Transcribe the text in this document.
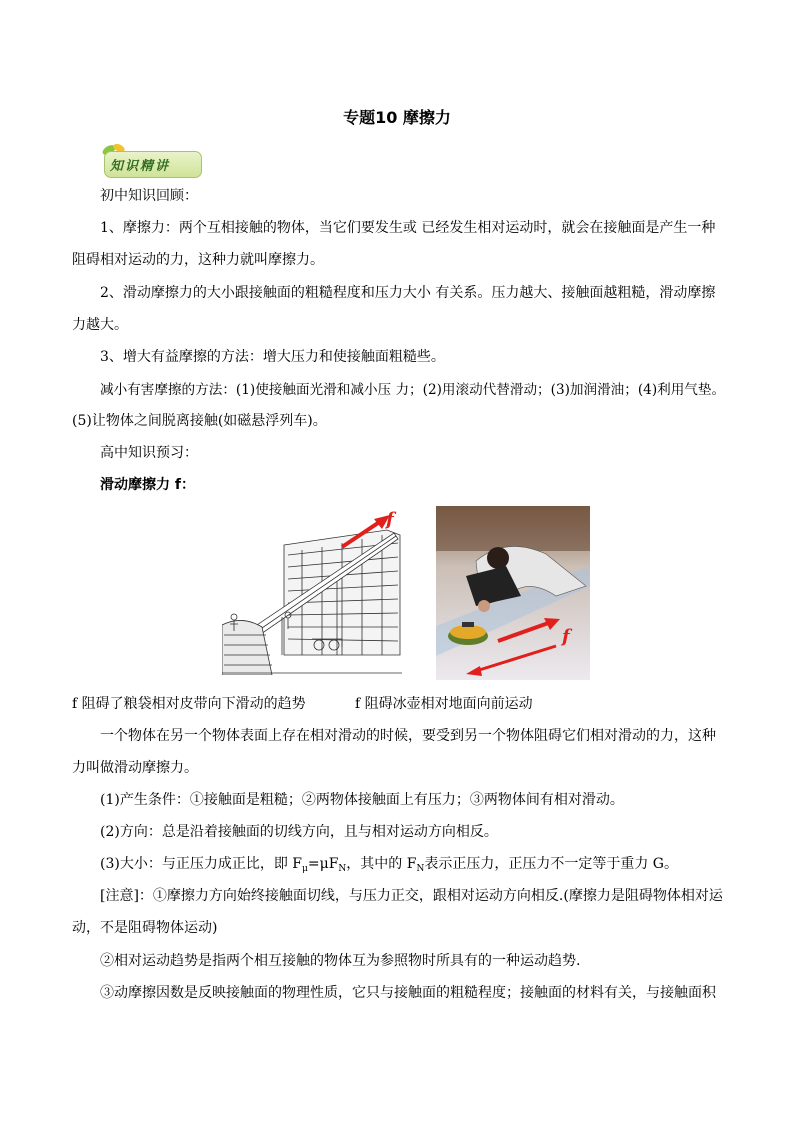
专题10 摩擦力
知识精讲
初中知识回顾：
1、摩擦力：两个互相接触的物体，当它们要发生或 已经发生相对运动时，就会在接触面是产生一种
阻碍相对运动的力，这种力就叫摩擦力。
2、滑动摩擦力的大小跟接触面的粗糙程度和压力大小 有关系。压力越大、接触面越粗糙，滑动摩擦
力越大。
3、增大有益摩擦的方法：增大压力和使接触面粗糙些。
减小有害摩擦的方法：(1)使接触面光滑和减小压 力；(2)用滚动代替滑动；(3)加润滑油；(4)利用气垫。
(5)让物体之间脱离接触(如磁悬浮列车)。
高中知识预习：
滑动摩擦力 f：
f
f
f 阻碍了粮袋相对皮带向下滑动的趋势	f 阻碍冰壶相对地面向前运动
一个物体在另一个物体表面上存在相对滑动的时候，要受到另一个物体阻碍它们相对滑动的力，这种
力叫做滑动摩擦力。
(1)产生条件：①接触面是粗糙；②两物体接触面上有压力；③两物体间有相对滑动。
(2)方向：总是沿着接触面的切线方向，且与相对运动方向相反。
(3)大小：与正压力成正比，即 $F_\mu=\mu F_N$，其中的 $F_N$表示正压力，正压力不一定等于重力 G。
[注意]：①摩擦力方向始终接触面切线，与压力正交，跟相对运动方向相反.(摩擦力是阻碍物体相对运
动，不是阻碍物体运动)
②相对运动趋势是指两个相互接触的物体互为参照物时所具有的一种运动趋势.
③动摩擦因数是反映接触面的物理性质，它只与接触面的粗糙程度；接触面的材料有关，与接触面积
